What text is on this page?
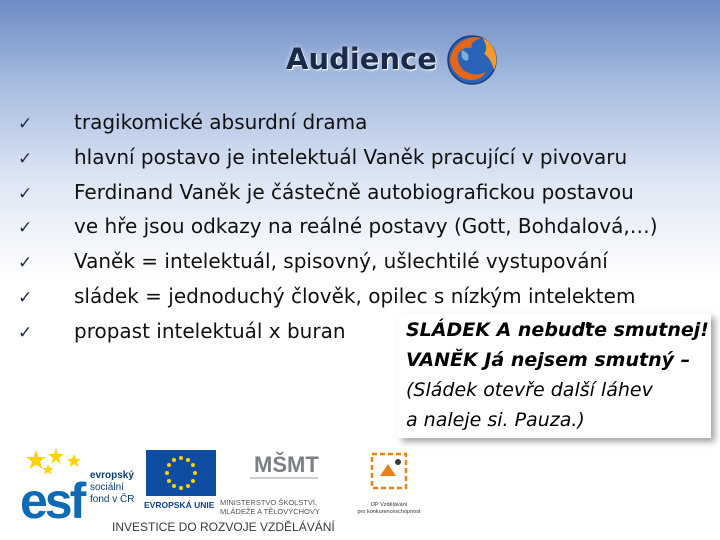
Audience
✓ tragikomické absurdní drama
✓ hlavní postavo je intelektuál Vaněk pracující v pivovaru
✓ Ferdinand Vaněk je částečně autobiografickou postavou
✓ ve hře jsou odkazy na reálné postavy (Gott, Bohdalová,…)
✓ Vaněk = intelektuál, spisovný, ušlechtilé vystupování
✓ sládek = jednoduchý člověk, opilec s nízkým intelektem
✓ propast intelektuál x buran	SLÁDEK A nebuďte smutnej!
VANĚK Já nejsem smutný –
(Sládek otevře další láhev
a naleje si. Pauza.)
esf evropský
sociální
fond v ČR EVROPSKÁ UNIE
MŠMT
MINISTERSTVO ŠKOLSTVÍ,
MLÁDEŽE A TĚLOVÝCHOVY
OP Vzdělávání
pro konkurenceschopnost
INVESTICE DO ROZVOJE VZDĚLÁVÁNÍ
